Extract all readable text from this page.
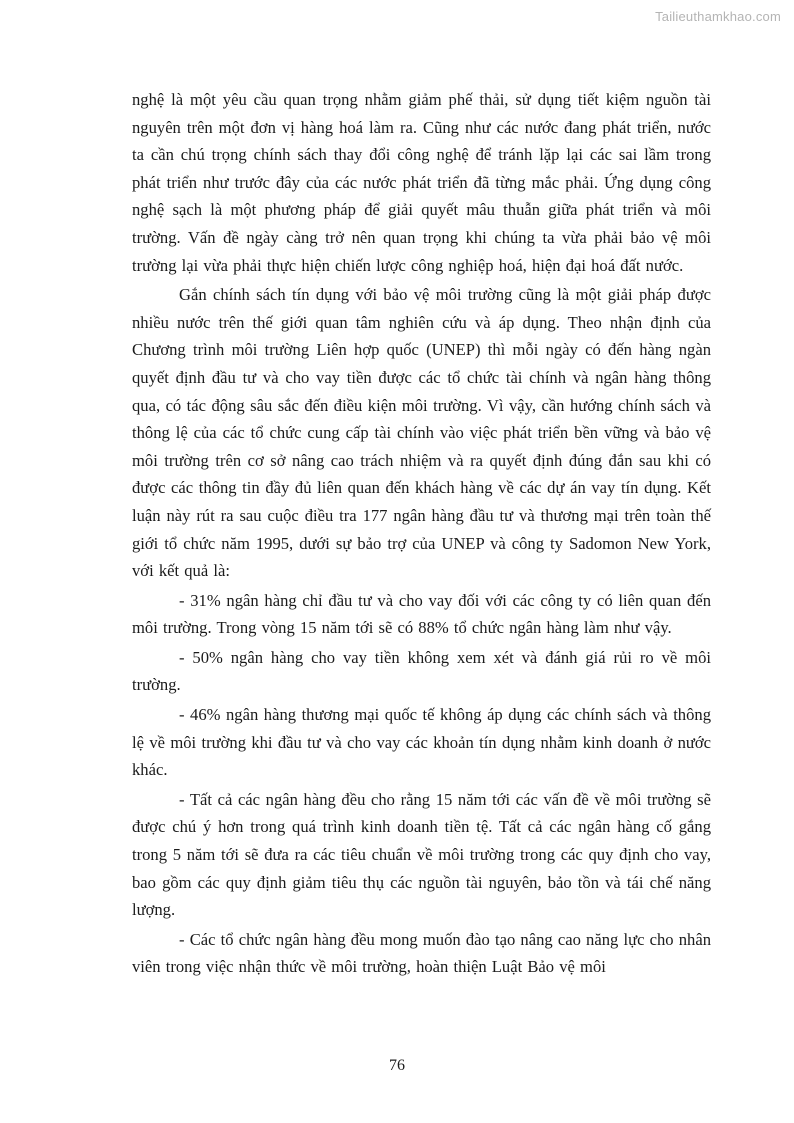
Tailieuthamkhao.com

nghệ là một yêu cầu quan trọng nhằm giảm phế thải, sử dụng tiết kiệm nguồn tài nguyên trên một đơn vị hàng hoá làm ra. Cũng như các nước đang phát triển, nước ta cần chú trọng chính sách thay đổi công nghệ để tránh lặp lại các sai lầm trong phát triển như trước đây của các nước phát triển đã từng mắc phải. Ứng dụng công nghệ sạch là một phương pháp để giải quyết mâu thuẫn giữa phát triển và môi trường. Vấn đề ngày càng trở nên quan trọng khi chúng ta vừa phải bảo vệ môi trường lại vừa phải thực hiện chiến lược công nghiệp hoá, hiện đại hoá đất nước.

Gắn chính sách tín dụng với bảo vệ môi trường cũng là một giải pháp được nhiều nước trên thế giới quan tâm nghiên cứu và áp dụng. Theo nhận định của Chương trình môi trường Liên hợp quốc (UNEP) thì mỗi ngày có đến hàng ngàn quyết định đầu tư và cho vay tiền được các tổ chức tài chính và ngân hàng thông qua, có tác động sâu sắc đến điều kiện môi trường. Vì vậy, cần hướng chính sách và thông lệ của các tổ chức cung cấp tài chính vào việc phát triển bền vững và bảo vệ môi trường trên cơ sở nâng cao trách nhiệm và ra quyết định đúng đắn sau khi có được các thông tin đầy đủ liên quan đến khách hàng về các dự án vay tín dụng. Kết luận này rút ra sau cuộc điều tra 177 ngân hàng đầu tư và thương mại trên toàn thế giới tổ chức năm 1995, dưới sự bảo trợ của UNEP và công ty Sadomon New York, với kết quả là:

- 31% ngân hàng chỉ đầu tư và cho vay đối với các công ty có liên quan đến môi trường. Trong vòng 15 năm tới sẽ có 88% tổ chức ngân hàng làm như vậy.

- 50% ngân hàng cho vay tiền không xem xét và đánh giá rủi ro về môi trường.

- 46% ngân hàng thương mại quốc tế không áp dụng các chính sách và thông lệ về môi trường khi đầu tư và cho vay các khoản tín dụng nhằm kinh doanh ở nước khác.

- Tất cả các ngân hàng đều cho rằng 15 năm tới các vấn đề về môi trường sẽ được chú ý hơn trong quá trình kinh doanh tiền tệ. Tất cả các ngân hàng cố gắng trong 5 năm tới sẽ đưa ra các tiêu chuẩn về môi trường trong các quy định cho vay, bao gồm các quy định giảm tiêu thụ các nguồn tài nguyên, bảo tồn và tái chế năng lượng.

- Các tổ chức ngân hàng đều mong muốn đào tạo nâng cao năng lực cho nhân viên trong việc nhận thức về môi trường, hoàn thiện Luật Bảo vệ môi

76
